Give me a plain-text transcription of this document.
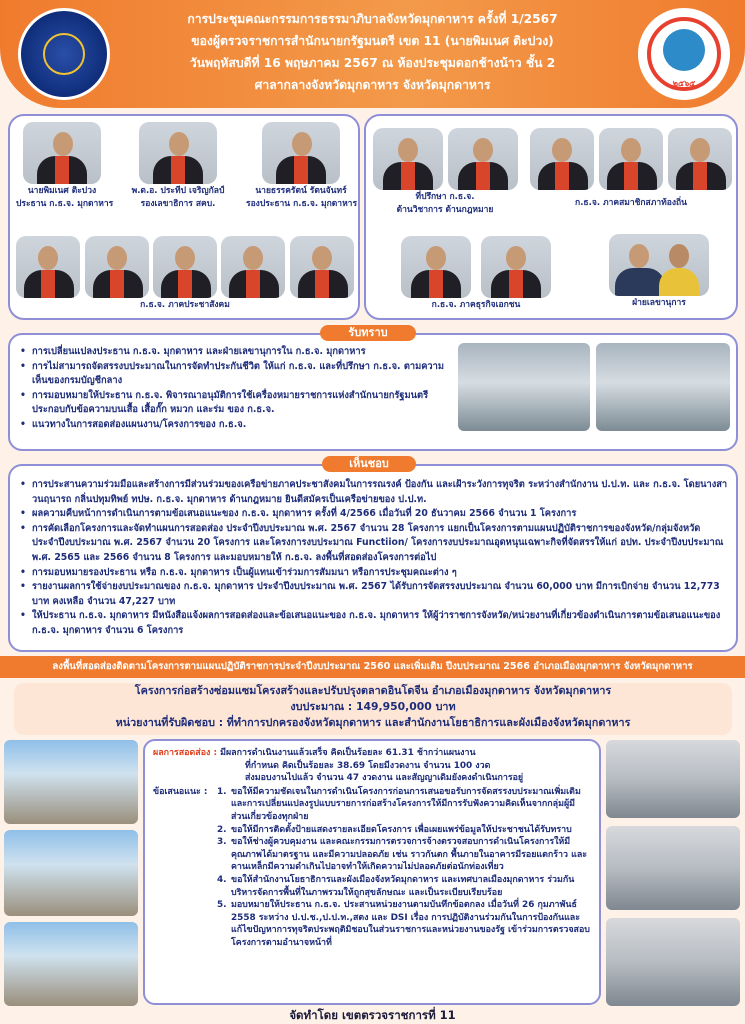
การประชุมคณะกรรมการธรรมาภิบาลจังหวัดมุกดาหาร ครั้งที่ 1/2567
ของผู้ตรวจราชการสำนักนายกรัฐมนตรี เขต 11 (นายพิมเนศ ติะปวง)
วันพฤหัสบดีที่ 16 พฤษภาคม 2567 ณ ห้องประชุมดอกช้างน้าว ชั้น 2
ศาลากลางจังหวัดมุกดาหาร จังหวัดมุกดาหาร	๒๕๖๕
นายพิมเนศ ติะปวง
ประธาน ก.ธ.จ. มุกดาหาร
พ.ต.อ. ประทีป เจริญกัลป์
รองเลขาธิการ สคบ.
นายธรรครัตน์ รัตนจันทร์
รองประธาน ก.ธ.จ. มุกดาหาร
ก.ธ.จ. ภาคประชาสังคม
ที่ปรึกษา ก.ธ.จ.
ด้านวิชาการ ด้านกฎหมาย
ก.ธ.จ. ภาคสมาชิกสภาท้องถิ่น
ก.ธ.จ. ภาคธุรกิจเอกชน	ฝ่ายเลขานุการ
• การเปลี่ยนแปลงประธาน ก.ธ.จ. มุกดาหาร และฝ่ายเลขานุการใน ก.ธ.จ. มุกดาหาร
• การไม่สามารถจัดสรรงบประมาณในการจัดทำประกันชีวิต ให้แก่ ก.ธ.จ. และที่ปรึกษา ก.ธ.จ. ตามความเห็นของกรมบัญชีกลาง
• การมอบหมายให้ประธาน ก.ธ.จ. พิจารณาอนุมัติการใช้เครื่องหมายราชการแห่งสำนักนายกรัฐมนตรีประกอบกับข้อความบนเสื้อ เสื้อกั๊ก หมวก และร่ม ของ ก.ธ.จ.
• แนวทางในการสอดส่องแผนงาน/โครงการของ ก.ธ.จ.
รับทราบ
• การประสานความร่วมมือและสร้างการมีส่วนร่วมของเครือข่ายภาคประชาสังคมในการรณรงค์ ป้องกัน และเฝ้าระวังการทุจริต ระหว่างสำนักงาน ป.ป.ท. และ ก.ธ.จ. โดยนางสาวนฤนารถ กลิ่นปทุมทิพย์ ทปษ. ก.ธ.จ. มุกดาหาร ด้านกฎหมาย ยินดีสมัครเป็นเครือข่ายของ ป.ป.ท.
• ผลความคืบหน้าการดำเนินการตามข้อเสนอแนะของ ก.ธ.จ. มุกดาหาร ครั้งที่ 4/2566 เมื่อวันที่ 20 ธันวาคม 2566 จำนวน 1 โครงการ
• การคัดเลือกโครงการและจัดทำแผนการสอดส่อง ประจำปีงบประมาณ พ.ศ. 2567 จำนวน 28 โครงการ แยกเป็นโครงการตามแผนปฏิบัติราชการของจังหวัด/กลุ่มจังหวัด ประจำปีงบประมาณ พ.ศ. 2567 จำนวน 20 โครงการ และโครงการงบประมาณ Functiion/ โครงการงบประมาณอุดหนุนเฉพาะกิจที่จัดสรรให้แก่ อปท. ประจำปีงบประมาณ พ.ศ. 2565 และ 2566 จำนวน 8 โครงการ และมอบหมายให้ ก.ธ.จ. ลงพื้นที่สอดส่องโครงการต่อไป
• การมอบหมายรองประธาน หรือ ก.ธ.จ. มุกดาหาร เป็นผู้แทนเข้าร่วมการสัมมนา หรือการประชุมคณะต่าง ๆ
• รายงานผลการใช้จ่ายงบประมาณของ ก.ธ.จ. มุกดาหาร ประจำปีงบประมาณ พ.ศ. 2567 ได้รับการจัดสรรงบประมาณ จำนวน 60,000 บาท มีการเบิกจ่าย จำนวน 12,773 บาท คงเหลือ จำนวน 47,227 บาท
• ให้ประธาน ก.ธ.จ. มุกดาหาร มีหนังสือแจ้งผลการสอดส่องและข้อเสนอแนะของ ก.ธ.จ. มุกดาหาร ให้ผู้ว่าราชการจังหวัด/หน่วยงานที่เกี่ยวข้องดำเนินการตามข้อเสนอแนะของ ก.ธ.จ. มุกดาหาร จำนวน 6 โครงการ
เห็นชอบ
ลงพื้นที่สอดส่องติดตามโครงการตามแผนปฏิบัติราชการประจำปีงบประมาณ 2560 และเพิ่มเติม ปีงบประมาณ 2566 อำเภอเมืองมุกดาหาร จังหวัดมุกดาหาร
โครงการก่อสร้างซ่อมแซมโครงสร้างและปรับปรุงตลาดอินโดจีน อำเภอเมืองมุกดาหาร จังหวัดมุกดาหาร
งบประมาณ : 149,950,000 บาท
หน่วยงานที่รับผิดชอบ : ที่ทำการปกครองจังหวัดมุกดาหาร และสำนักงานโยธาธิการและผังเมืองจังหวัดมุกดาหาร
ผลการสอดส่อง : มีผลการดำเนินงานแล้วเสร็จ คิดเป็นร้อยละ 61.31 ช้ากว่าแผนงาน
ที่กำหนด คิดเป็นร้อยละ 38.69 โดยมีงวดงาน จำนวน 100 งวด
ส่งมอบงานไปแล้ว จำนวน 47 งวดงาน และสัญญาเดิมยังคงดำเนินการอยู่
ข้อเสนอแนะ :	1. ขอให้มีความชัดเจนในการดำเนินโครงการก่อนการเสนอขอรับการจัดสรรงบประมาณเพิ่มเติม และการเปลี่ยนแปลงรูปแบบรายการก่อสร้างโครงการให้มีการรับฟังความคิดเห็นจากกลุ่มผู้มีส่วนเกี่ยวข้องทุกฝ่าย
2. ขอให้มีการติดตั้งป้ายแสดงรายละเอียดโครงการ เพื่อเผยแพร่ข้อมูลให้ประชาชนได้รับทราบ
3. ขอให้ช่างผู้ควบคุมงาน และคณะกรรมการตรวจการจ้างตรวจสอบการดำเนินโครงการให้มีคุณภาพได้มาตรฐาน และมีความปลอดภัย เช่น ราวกันตก พื้นภายในอาคารมีรอยแตกร้าว และคานเหล็กมีความดำเกินไปอาจทำให้เกิดความไม่ปลอดภัยต่อนักท่องเที่ยว
4. ขอให้สำนักงานโยธาธิการและผังเมืองจังหวัดมุกดาหาร และเทศบาลเมืองมุกดาหาร ร่วมกันบริหารจัดการพื้นที่ในภาพรวมให้ถูกสุขลักษณะ และเป็นระเบียบเรียบร้อย
5. มอบหมายให้ประธาน ก.ธ.จ. ประสานหน่วยงานตามบันทึกข้อตกลง เมื่อวันที่ 26 กุมภาพันธ์ 2558 ระหว่าง ป.ป.ช.,ป.ป.ท.,สตง และ DSI เรื่อง การปฏิบัติงานร่วมกันในการป้องกันและแก้ไขปัญหาการทุจริตประพฤติมิชอบในส่วนราชการและหน่วยงานของรัฐ เข้าร่วมการตรวจสอบโครงการตามอำนาจหน้าที่
จัดทำโดย เขตตรวจราชการที่ 11
